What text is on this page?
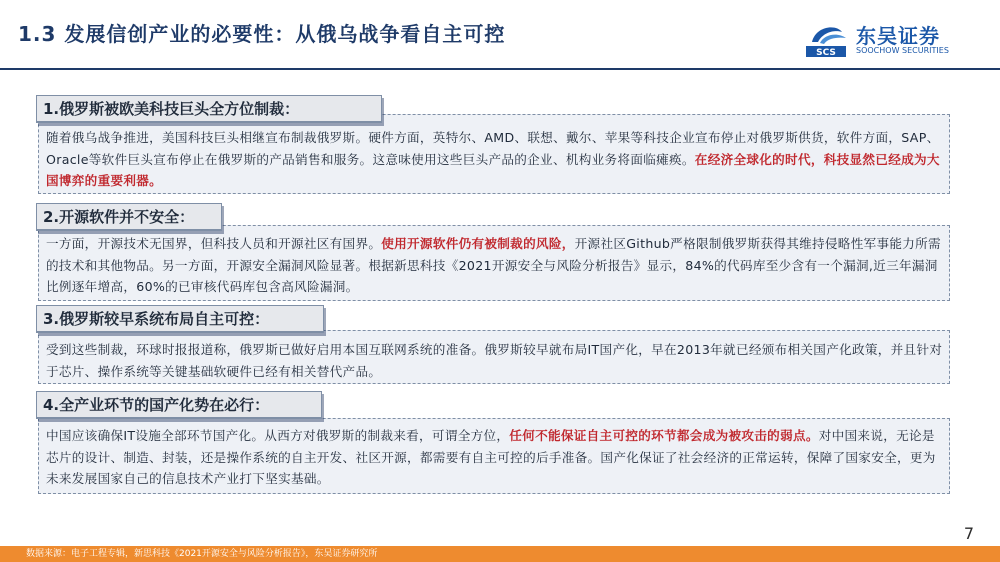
1.3 发展信创产业的必要性：从俄乌战争看自主可控
SCS
东吴证券
SOOCHOW SECURITIES
1.俄罗斯被欧美科技巨头全方位制裁：

随着俄乌战争推进，美国科技巨头相继宣布制裁俄罗斯。硬件方面，英特尔、AMD、联想、戴尔、苹果等科技企业宣布停止对俄罗斯供货，软件方面，SAP、Oracle等软件巨头宣布停止在俄罗斯的产品销售和服务。这意味使用这些巨头产品的企业、机构业务将面临瘫痪。在经济全球化的时代，科技显然已经成为大国博弈的重要利器。

2.开源软件并不安全：

一方面，开源技术无国界，但科技人员和开源社区有国界。使用开源软件仍有被制裁的风险，开源社区Github严格限制俄罗斯获得其维持侵略性军事能力所需的技术和其他物品。另一方面，开源安全漏洞风险显著。根据新思科技《2021开源安全与风险分析报告》显示，84%的代码库至少含有一个漏洞,近三年漏洞比例逐年增高，60%的已审核代码库包含高风险漏洞。

3.俄罗斯较早系统布局自主可控：

受到这些制裁，环球时报报道称，俄罗斯已做好启用本国互联网系统的准备。俄罗斯较早就布局IT国产化，早在2013年就已经颁布相关国产化政策，并且针对于芯片、操作系统等关键基础软硬件已经有相关替代产品。

4.全产业环节的国产化势在必行：

中国应该确保IT设施全部环节国产化。从西方对俄罗斯的制裁来看，可谓全方位，任何不能保证自主可控的环节都会成为被攻击的弱点。对中国来说，无论是芯片的设计、制造、封装，还是操作系统的自主开发、社区开源，都需要有自主可控的后手准备。国产化保证了社会经济的正常运转，保障了国家安全，更为未来发展国家自己的信息技术产业打下坚实基础。

7
数据来源：电子工程专辑，新思科技《2021开源安全与风险分析报告》，东吴证券研究所
